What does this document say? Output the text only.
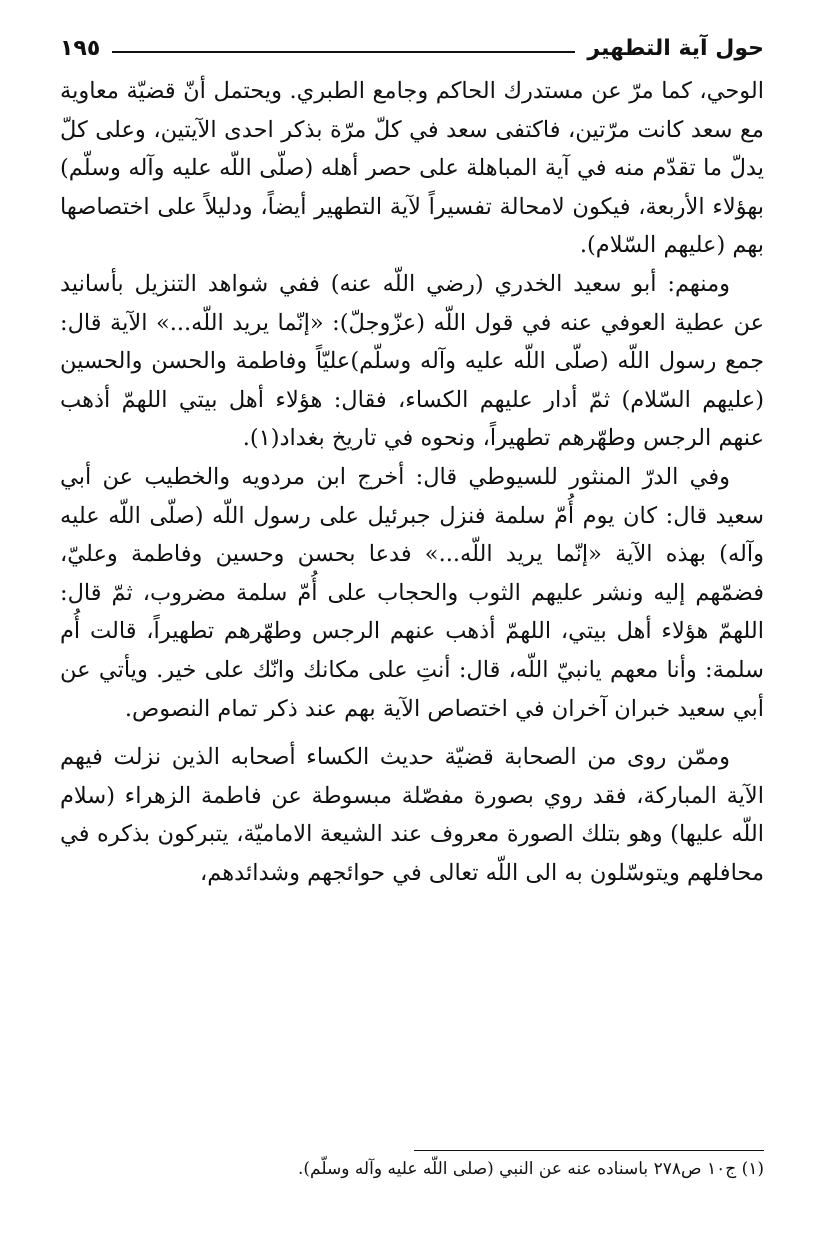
حول آية التطهير
١٩٥

الوحي، كما مرّ عن مستدرك الحاكم وجامع الطبري. ويحتمل أنّ قضيّة معاوية مع سعد كانت مرّتين، فاكتفى سعد في كلّ مرّة بذكر احدى الآيتين، وعلى كلّ يدلّ ما تقدّم منه في آية المباهلة على حصر أهله (صلّى اللّه عليه وآله وسلّم) بهؤلاء الأربعة، فيكون لامحالة تفسيراً لآية التطهير أيضاً، ودليلاً على اختصاصها بهم (عليهم السّلام).

ومنهم: أبو سعيد الخدري (رضي اللّه عنه) ففي شواهد التنزيل بأسانيد عن عطية العوفي عنه في قول اللّه (عزّوجلّ): «إنّما يريد اللّه...» الآية قال: جمع رسول اللّه (صلّى اللّه عليه وآله وسلّم)عليّاً وفاطمة والحسن والحسين (عليهم السّلام) ثمّ أدار عليهم الكساء، فقال: هؤلاء أهل بيتي اللهمّ أذهب عنهم الرجس وطهّرهم تطهيراً، ونحوه في تاريخ بغداد(١).

وفي الدرّ المنثور للسيوطي قال: أخرج ابن مردويه والخطيب عن أبي سعيد قال: كان يوم أُمّ سلمة فنزل جبرئيل على رسول اللّه (صلّى اللّه عليه وآله) بهذه الآية «إنّما يريد اللّه...» فدعا بحسن وحسين وفاطمة وعليّ، فضمّهم إليه ونشر عليهم الثوب والحجاب على أُمّ سلمة مضروب، ثمّ قال: اللهمّ هؤلاء أهل بيتي، اللهمّ أذهب عنهم الرجس وطهّرهم تطهيراً، قالت أُم سلمة: وأنا معهم يانبيّ اللّه، قال: أنتِ على مكانك وانّك على خير. ويأتي عن أبي سعيد خبران آخران في اختصاص الآية بهم عند ذكر تمام النصوص.

وممّن روى من الصحابة قضيّة حديث الكساء أصحابه الذين نزلت فيهم الآية المباركة، فقد روي بصورة مفصّلة مبسوطة عن فاطمة الزهراء (سلام اللّه عليها) وهو بتلك الصورة معروف عند الشيعة الاماميّة، يتبركون بذكره في محافلهم ويتوسّلون به الى اللّه تعالى في حوائجهم وشدائدهم،

(١) ج١٠ ص٢٧٨ باسناده عنه عن النبي (صلى اللّه عليه وآله وسلّم).
